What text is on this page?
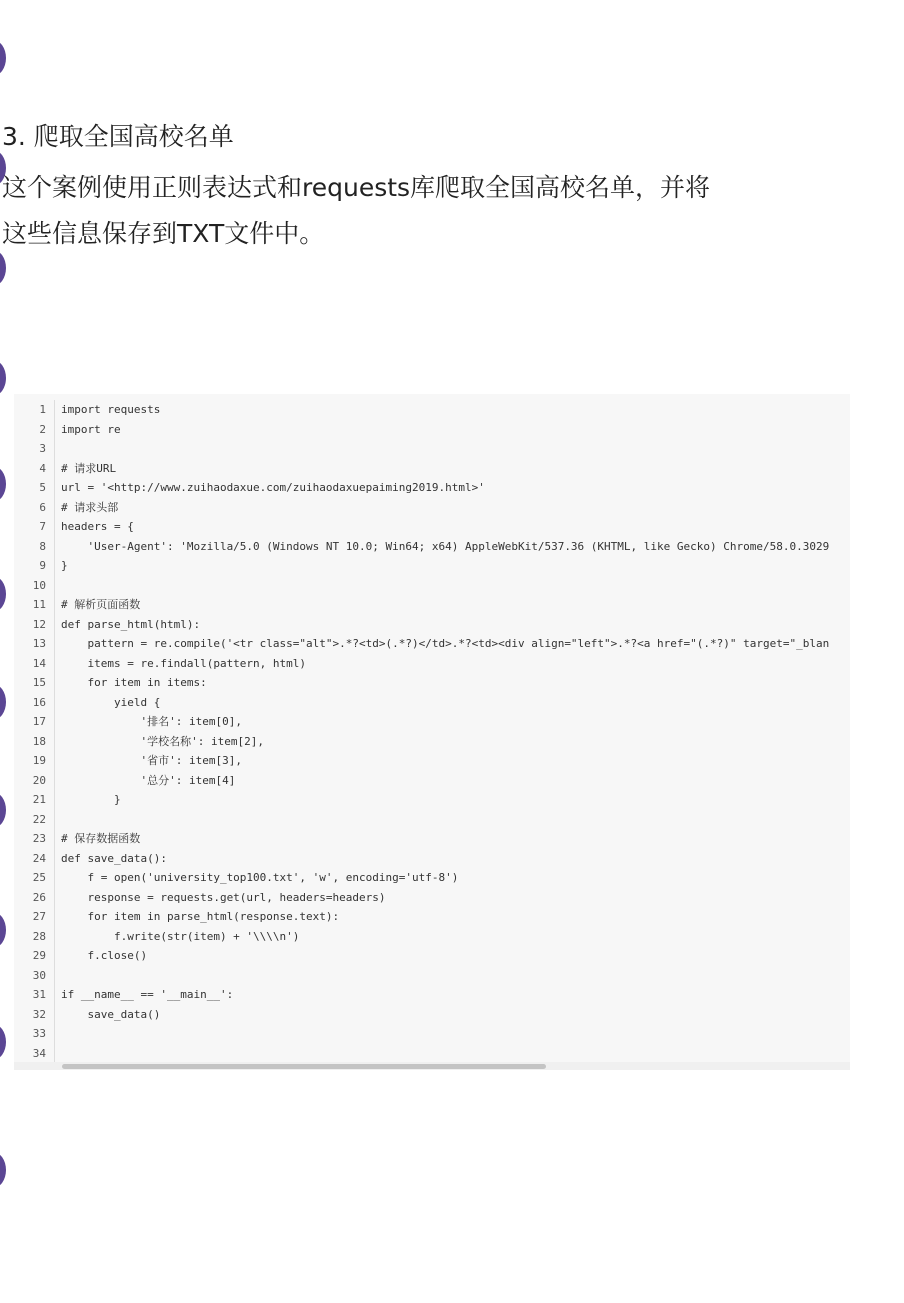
3. 爬取全国高校名单
这个案例使用正则表达式和requests库爬取全国高校名单，并将
这些信息保存到TXT文件中。
1 import requests
2 import re
3
4 # 请求URL
5 url = '<http://www.zuihaodaxue.com/zuihaodaxuepaiming2019.html>'
6 # 请求头部
7 headers = {
8 'User-Agent': 'Mozilla/5.0 (Windows NT 10.0; Win64; x64) AppleWebKit/537.36 (KHTML, like Gecko) Chrome/58.0.3029
9 }
10
11 # 解析页面函数
12 def parse_html(html):
13 pattern = re.compile('<tr class="alt">.*?<td>(.*?)</td>.*?<td><div align="left">.*?<a href="(.*?)" target="_blan
14 items = re.findall(pattern, html)
15 for item in items:
16 yield {
17 '排名': item[0],
18 '学校名称': item[2],
19 '省市': item[3],
20 '总分': item[4]
21 }
22
23 # 保存数据函数
24 def save_data():
25 f = open('university_top100.txt', 'w', encoding='utf-8')
26 response = requests.get(url, headers=headers)
27 for item in parse_html(response.text):
28 f.write(str(item) + '\\\\n')
29 f.close()
30
31 if __name__ == '__main__':
32 save_data()
33
34
